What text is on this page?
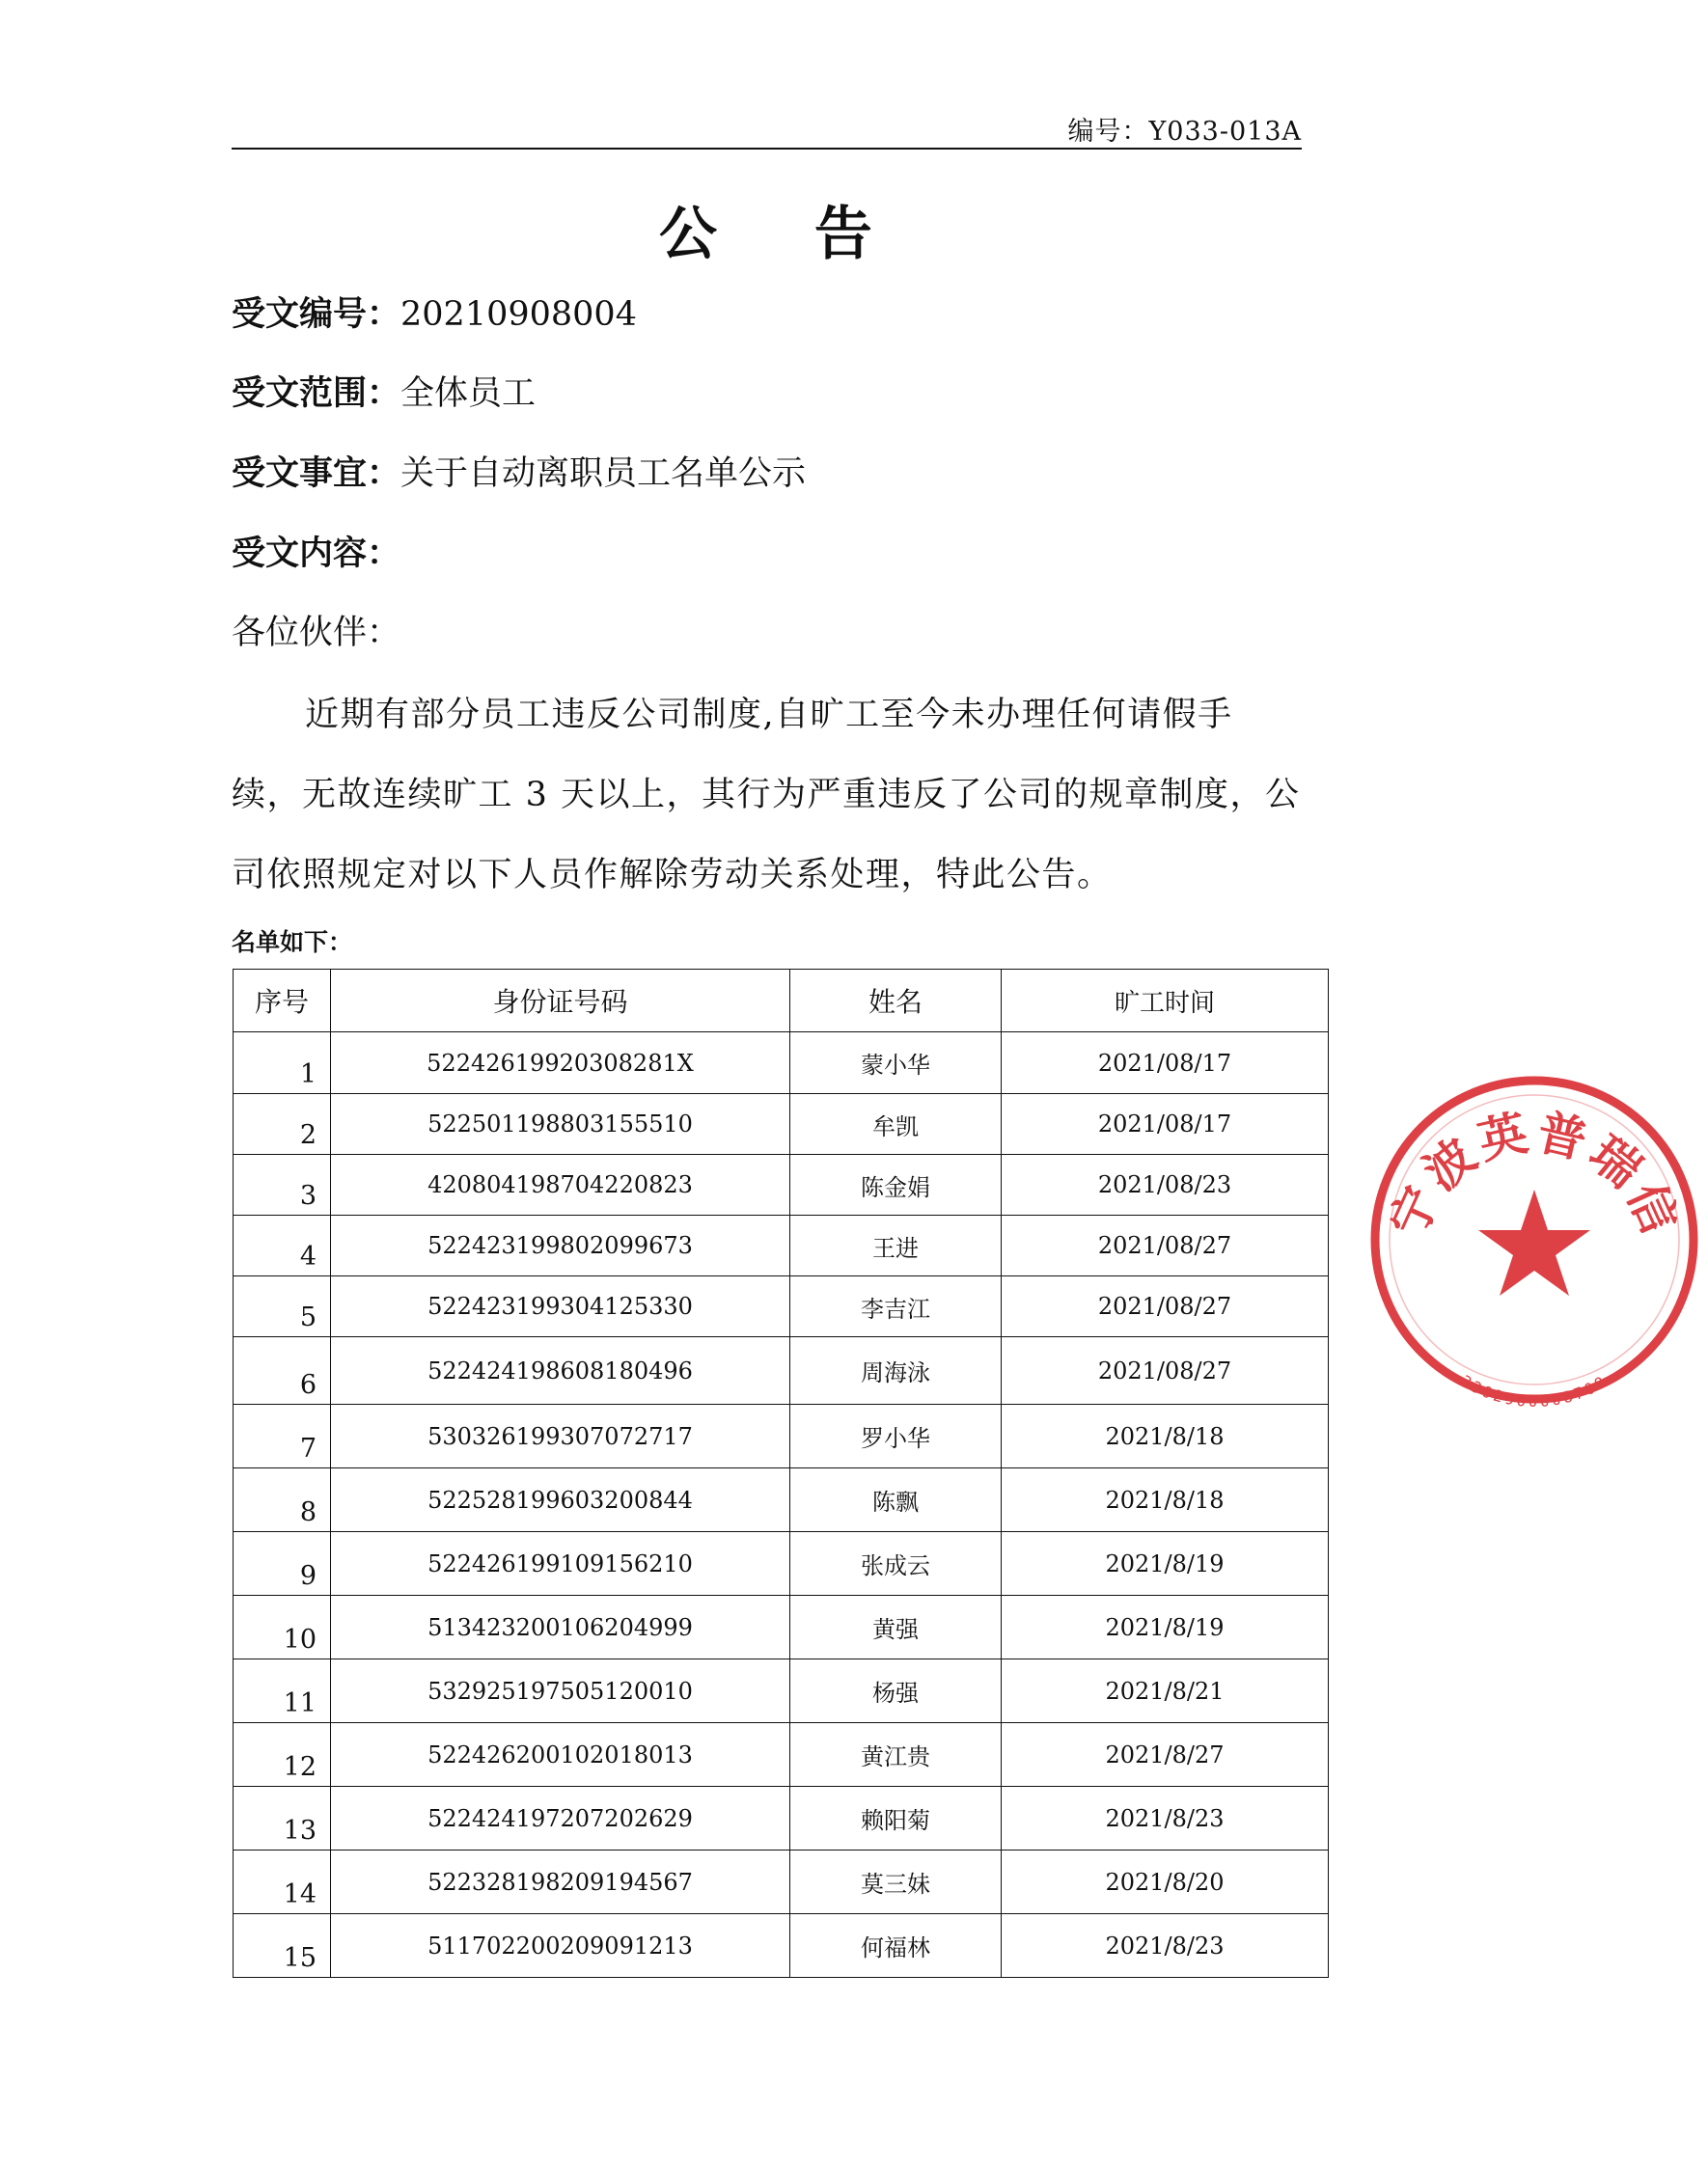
编号：Y033-013A
公 告
受文编号：20210908004
受文范围：全体员工
受文事宜：关于自动离职员工名单公示
受文内容：
各位伙伴：
近期有部分员工违反公司制度,自旷工至今未办理任何请假手续，无故连续旷工 3 天以上，其行为严重违反了公司的规章制度，公司依照规定对以下人员作解除劳动关系处理，特此公告。
名单如下：
序号	身份证号码	姓名	旷工时间
1	52242619920308281X	蒙小华	2021/08/17
2	522501198803155510	牟凯	2021/08/17
3	420804198704220823	陈金娟	2021/08/23
4	522423199802099673	王进	2021/08/27
5	522423199304125330	李吉江	2021/08/27
6	522424198608180496	周海泳	2021/08/27
7	530326199307072717	罗小华	2021/8/18
8	522528199603200844	陈飘	2021/8/18
9	522426199109156210	张成云	2021/8/19
10	513423200106204999	黄强	2021/8/19
11	532925197505120010	杨强	2021/8/21
12	522426200102018013	黄江贵	2021/8/27
13	522424197207202629	赖阳菊	2021/8/23
14	522328198209194567	莫三妹	2021/8/20
15	511702200209091213	何福林	2021/8/23
宁波英普瑞信
3302900008708
